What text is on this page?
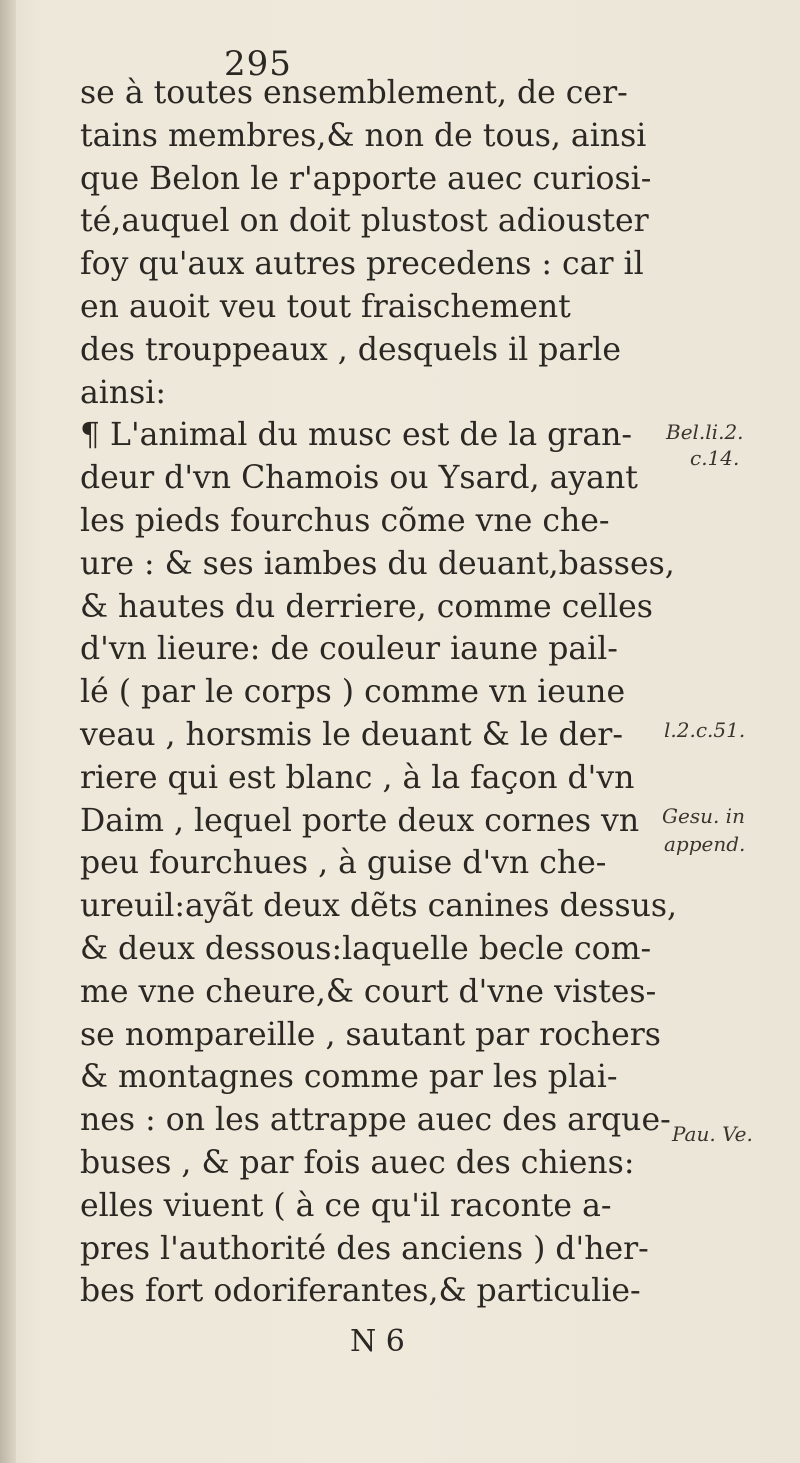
295
se à toutes ensemblement, de cer-
tains membres,& non de tous, ainsi
que Belon le r'apporte auec curiosi-
té,auquel on doit plustost adiouster
foy qu'aux autres precedens : car il
en auoit veu tout fraischement
des trouppeaux , desquels il parle
ainsi:
¶ L'animal du musc est de la gran-
deur d'vn Chamois ou Ysard, ayant
les pieds fourchus cõme vne che-
ure : & ses iambes du deuant,basses,
& hautes du derriere, comme celles
d'vn lieure: de couleur iaune pail-
lé ( par le corps ) comme vn ieune
veau , horsmis le deuant & le der-
riere qui est blanc , à la façon d'vn
Daim , lequel porte deux cornes vn
peu fourchues , à guise d'vn che-
ureuil:ayãt deux dẽts canines dessus,
& deux dessous:laquelle becle com-
me vne cheure,& court d'vne vistes-
se nompareille , sautant par rochers
& montagnes comme par les plai-
nes : on les attrappe auec des arque-
buses , & par fois auec des chiens:
elles viuent ( à ce qu'il raconte a-
pres l'authorité des anciens ) d'her-
bes fort odoriferantes,& particulie-
Bel.li.2.
c.14.
l.2.c.51.
Gesu. in
append.
Pau. Ve.
N 6
